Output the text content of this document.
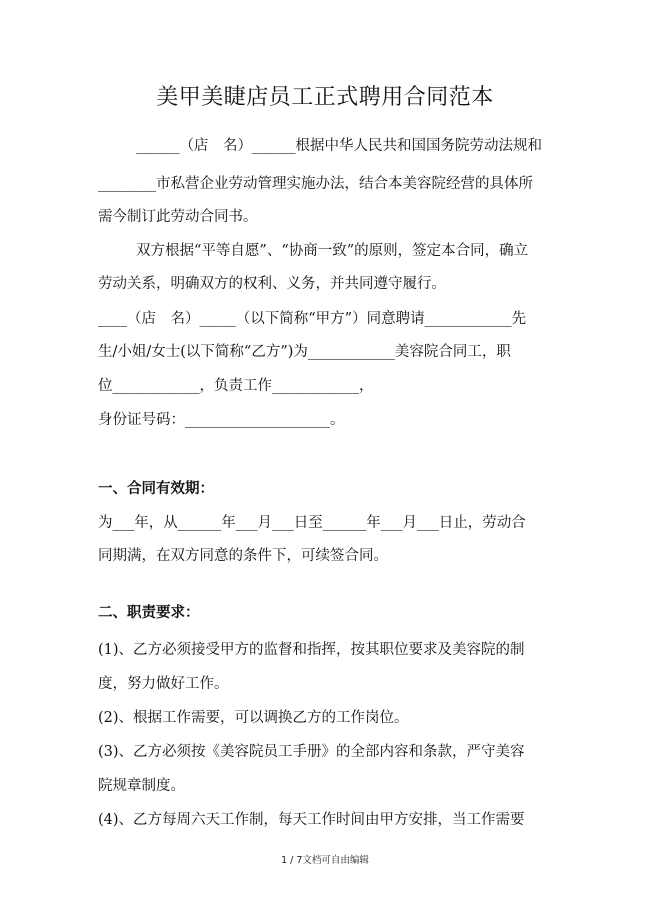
美甲美睫店员工正式聘用合同范本
______（店　名）______根据中华人民共和国国务院劳动法规和
________市私营企业劳动管理实施办法，结合本美容院经营的具体所
需今制订此劳动合同书。
双方根据“平等自愿”、“协商一致”的原则，签定本合同，确立
劳动关系，明确双方的权利、义务，并共同遵守履行。
____（店　名）_____（以下简称“甲方”）同意聘请____________先
生/小姐/女士(以下简称“乙方”)为____________美容院合同工，职
位____________，负责工作____________，
身份证号码：____________________。
一、合同有效期：
为___年，从______年___月___日至______年___月___日止，劳动合
同期满，在双方同意的条件下，可续签合同。
二、职责要求：
(1)、乙方必须接受甲方的监督和指挥，按其职位要求及美容院的制
度，努力做好工作。
(2)、根据工作需要，可以调换乙方的工作岗位。
(3)、乙方必须按《美容院员工手册》的全部内容和条款，严守美容
院规章制度。
(4)、乙方每周六天工作制，每天工作时间由甲方安排，当工作需要
1 / 7文档可自由编辑
